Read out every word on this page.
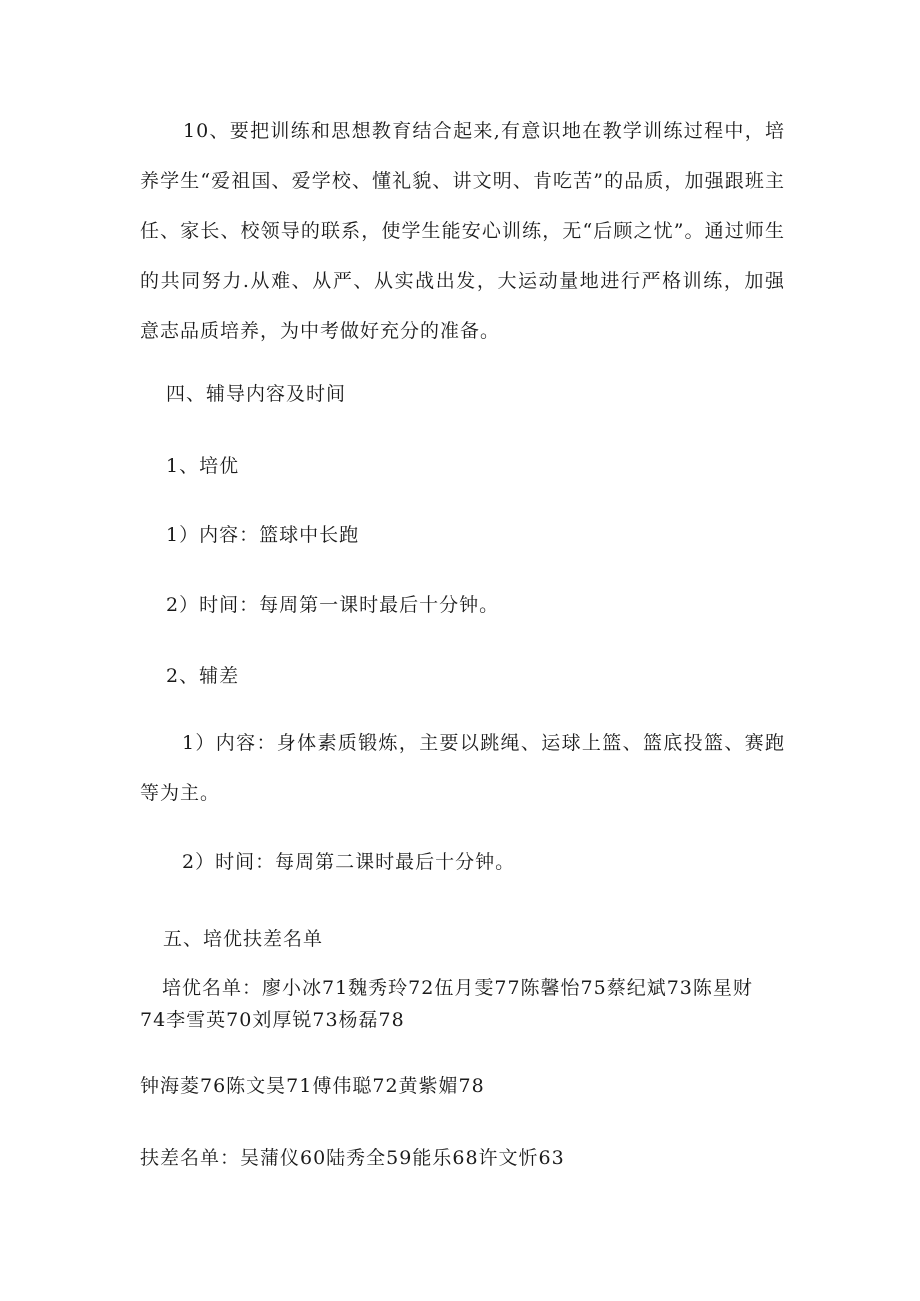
10、要把训练和思想教育结合起来,有意识地在教学训练过程中，培养学生“爱祖国、爱学校、懂礼貌、讲文明、肯吃苦”的品质，加强跟班主任、家长、校领导的联系，使学生能安心训练，无“后顾之忧”。通过师生的共同努力.从难、从严、从实战出发，大运动量地进行严格训练，加强意志品质培养，为中考做好充分的准备。

四、辅导内容及时间
1、培优
1）内容：篮球中长跑
2）时间：每周第一课时最后十分钟。
2、辅差

1）内容：身体素质锻炼，主要以跳绳、运球上篮、篮底投篮、赛跑等为主。

2）时间：每周第二课时最后十分钟。
五、培优扶差名单

培优名单：廖小冰71魏秀玲72伍月雯77陈馨怡75蔡纪斌73陈星财74李雪英70刘厚锐73杨磊78

钟海菱76陈文昊71傅伟聪72黄紫媚78
扶差名单：吴蒲仪60陆秀全59能乐68许文忻63
